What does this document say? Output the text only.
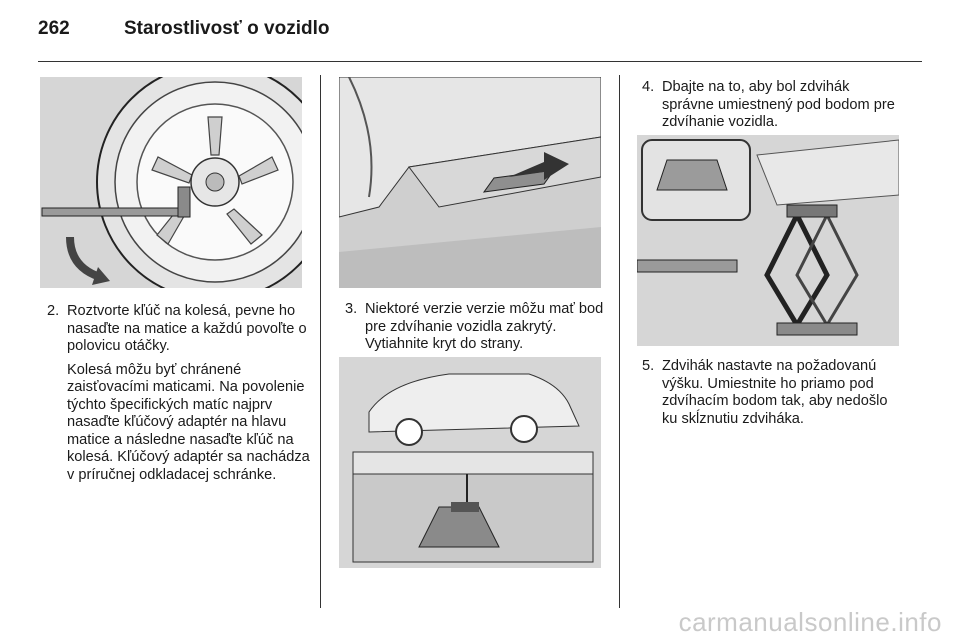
262	Starostlivosť o vozidlo
2. Roztvorte kľúč na kolesá, pevne ho nasaďte na matice a každú povoľte o polovicu otáčky.
Kolesá môžu byť chránené zaisťovacími maticami. Na povolenie týchto špecifických matíc najprv nasaďte kľúčový adaptér na hlavu matice a následne nasaďte kľúč na kolesá. Kľúčový adaptér sa nachádza v príručnej odkladacej schránke.
3. Niektoré verzie verzie môžu mať bod pre zdvíhanie vozidla zakrytý. Vytiahnite kryt do strany.
4. Dbajte na to, aby bol zdvihák správne umiestnený pod bodom pre zdvíhanie vozidla.
5. Zdvihák nastavte na požadovanú výšku. Umiestnite ho priamo pod zdvíhacím bodom tak, aby nedošlo ku skĺznutiu zdviháka.
carmanualsonline.info
